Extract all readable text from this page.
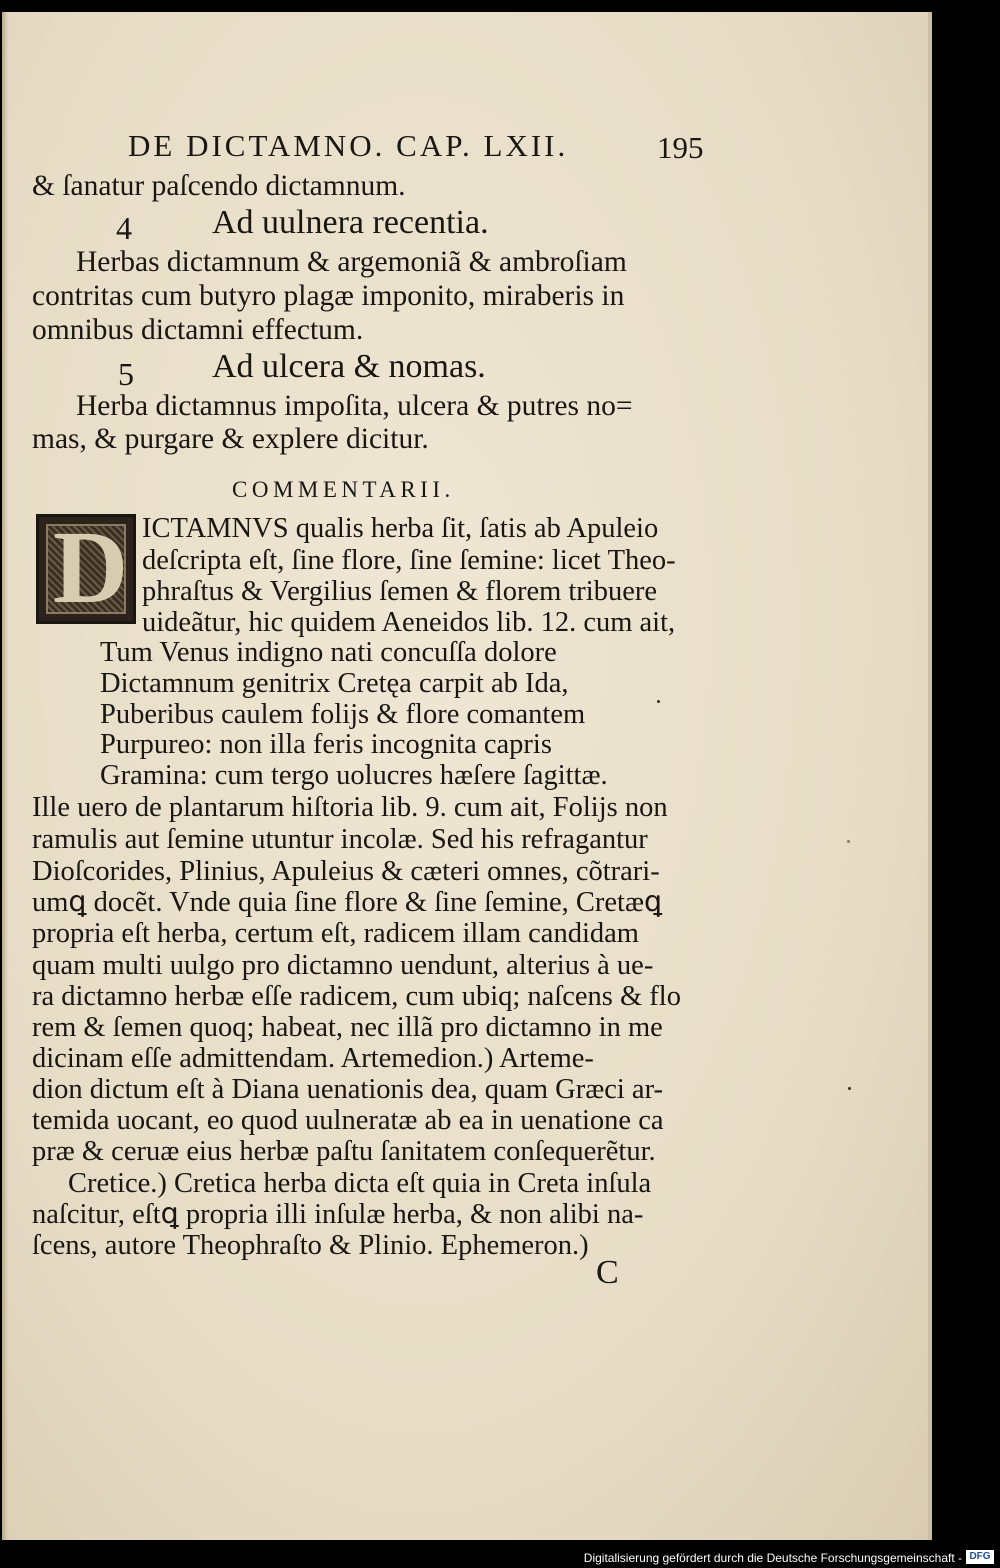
DE DICTAMNO. CAP. LXII.	195
& ſanatur paſcendo dictamnum.
4 Ad uulnera recentia.
Herbas dictamnum & argemoniã & ambroſiam
contritas cum butyro plagæ imponito, miraberis in
omnibus dictamni effectum.
5 Ad ulcera & nomas.
Herba dictamnus impoſita, ulcera & putres no=
mas, & purgare & explere dicitur.
COMMENTARII.
D ICTAMNVS qualis herba ſit, ſatis ab Apuleio
deſcripta eſt, ſine flore, ſine ſemine: licet Theo-
phraſtus & Vergilius ſemen & florem tribuere
uideãtur, hic quidem Aeneidos lib. 12. cum ait,
Tum Venus indigno nati concuſſa dolore
Dictamnum genitrix Cretęa carpit ab Ida,
Puberibus caulem folijs & flore comantem
Purpureo: non illa feris incognita capris
Gramina: cum tergo uolucres hæſere ſagittæ.
Ille uero de plantarum hiſtoria lib. 9. cum ait, Folijs non
ramulis aut ſemine utuntur incolæ. Sed his refragantur
Dioſcorides, Plinius, Apuleius & cæteri omnes, cõtrari-
umꝗ docẽt. Vnde quia ſine flore & ſine ſemine, Cretæꝗ
propria eſt herba, certum eſt, radicem illam candidam
quam multi uulgo pro dictamno uendunt, alterius à ue-
ra dictamno herbæ eſſe radicem, cum ubiq; naſcens & flo
rem & ſemen quoq; habeat, nec illã pro dictamno in me
dicinam eſſe admittendam. Artemedion.) Arteme-
dion dictum eſt à Diana uenationis dea, quam Græci ar-
temida uocant, eo quod uulneratæ ab ea in uenatione ca
præ & ceruæ eius herbæ paſtu ſanitatem conſequerẽtur.
Cretice.) Cretica herba dicta eſt quia in Creta inſula
naſcitur, eſtꝗ propria illi inſulæ herba, & non alibi na-
ſcens, autore Theophraſto & Plinio. Ephemeron.)
C
Digitalisierung gefördert durch die Deutsche Forschungsgemeinschaft - DFG
